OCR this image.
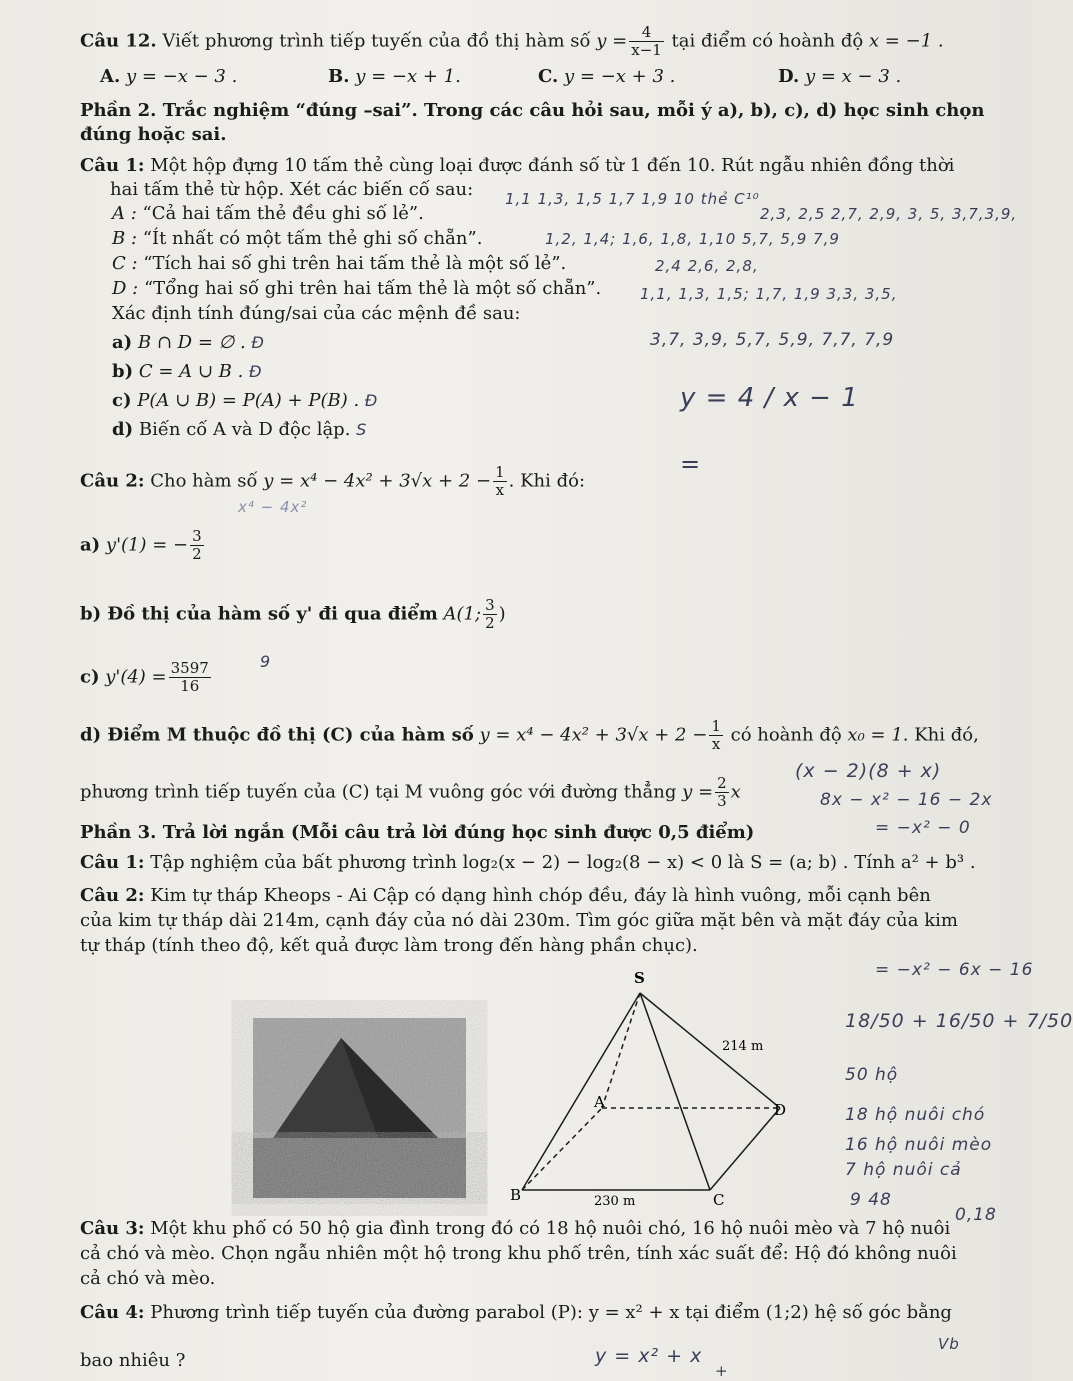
Câu 12. Viết phương trình tiếp tuyến của đồ thị hàm số $y = \frac{4}{x-1}$ tại điểm có hoành độ x = −1 .
A. y = −x − 3 .	B. y = −x + 1.	C. y = −x + 3 .	D. y = x − 3 .
Phần 2. Trắc nghiệm “đúng –sai”. Trong các câu hỏi sau, mỗi ý a), b), c), d) học sinh chọn
đúng hoặc sai.
Câu 1: Một hộp đựng 10 tấm thẻ cùng loại được đánh số từ 1 đến 10. Rút ngẫu nhiên đồng thời
hai tấm thẻ từ hộp. Xét các biến cố sau:
A : “Cả hai tấm thẻ đều ghi số lẻ”.
B : “Ít nhất có một tấm thẻ ghi số chẵn”.
C : “Tích hai số ghi trên hai tấm thẻ là một số lẻ”.
D : “Tổng hai số ghi trên hai tấm thẻ là một số chẵn”.
Xác định tính đúng/sai của các mệnh đề sau:
a) B ∩ D = ∅ . Đ
b) C = A ∪ B . Đ
c) P(A ∪ B) = P(A) + P(B) . Đ
d) Biến cố A và D độc lập. S
Câu 2: Cho hàm số $y = x^4 - 4x^2 + 3√x + 2 - \frac{1}{x}$ . Khi đó:
a) y'(1) = − $\frac{3}{2}$
b) Đồ thị của hàm số y' đi qua điểm A(1; $\frac{3}{2}$ )
c) $y'(4) = \frac{3597}{16}$
d) Điểm M thuộc đồ thị (C) của hàm số $y = x^4 - 4x^2 + 3√x + 2 - \frac{1}{x}$ có hoành độ x₀ = 1. Khi đó,
phương trình tiếp tuyến của (C) tại M vuông góc với đường thẳng $y = \frac{2}{3}$ x
Phần 3. Trả lời ngắn (Mỗi câu trả lời đúng học sinh được 0,5 điểm)
Câu 1: Tập nghiệm của bất phương trình log₂(x − 2) − log₂(8 − x) < 0 là S = (a; b) . Tính a² + b³ .
Câu 2: Kim tự tháp Kheops - Ai Cập có dạng hình chóp đều, đáy là hình vuông, mỗi cạnh bên
của kim tự tháp dài 214m, cạnh đáy của nó dài 230m. Tìm góc giữa mặt bên và mặt đáy của kim
tự tháp (tính theo độ, kết quả được làm trong đến hàng phần chục).
S
214 m
A	D
B	C
230 m
Câu 3: Một khu phố có 50 hộ gia đình trong đó có 18 hộ nuôi chó, 16 hộ nuôi mèo và 7 hộ nuôi
cả chó và mèo. Chọn ngẫu nhiên một hộ trong khu phố trên, tính xác suất để: Hộ đó không nuôi
cả chó và mèo.
Câu 4: Phương trình tiếp tuyến của đường parabol (P): y = x² + x tại điểm (1;2) hệ số góc bằng
bao nhiêu ?
1,1 1,3, 1,5 1,7 1,9 10 thẻ C¹⁰
2,3, 2,5 2,7, 2,9, 3, 5, 3,7,3,9,
1,2, 1,4; 1,6, 1,8, 1,10 5,7, 5,9 7,9
2,4 2,6, 2,8,
1,1, 1,3, 1,5; 1,7, 1,9 3,3, 3,5,
3,7, 3,9, 5,7, 5,9, 7,7, 7,9
y = 4 / x − 1
=
x⁴ − 4x²
9
(x − 2)(8 + x)
8x − x² − 16 − 2x
= −x² − 0
= −x² − 6x − 16
18/50 + 16/50 + 7/50
50 hộ
18 hộ nuôi chó
16 hộ nuôi mèo
7 hộ nuôi cả
9 48
0,18
y = x² + x
+
Vb
